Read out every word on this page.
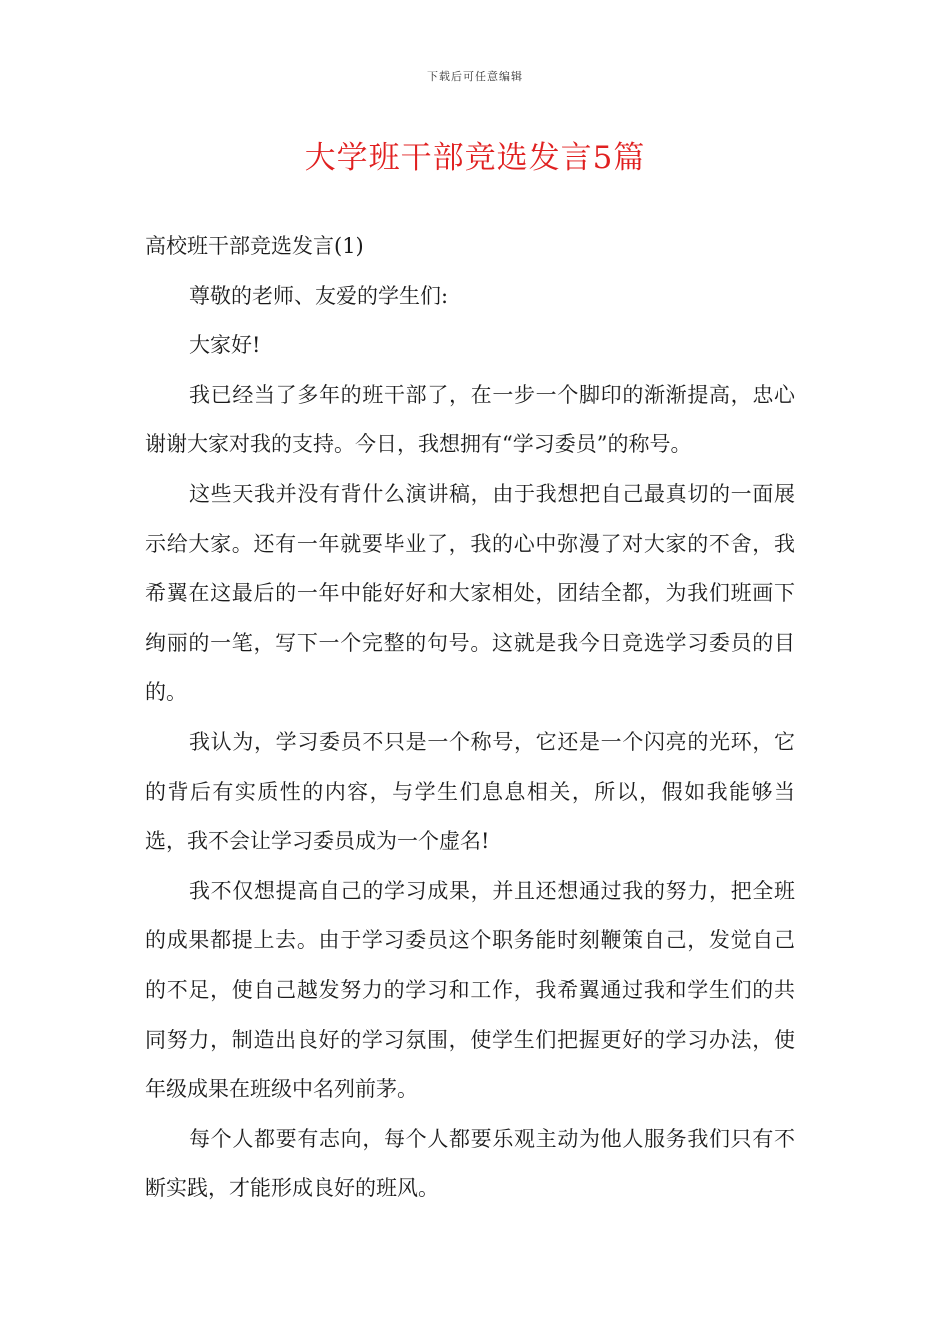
下载后可任意编辑
大学班干部竞选发言5篇

高校班干部竞选发言(1)

尊敬的老师、友爱的学生们:

大家好!

我已经当了多年的班干部了，在一步一个脚印的渐渐提高，忠心谢谢大家对我的支持。今日，我想拥有“学习委员”的称号。

这些天我并没有背什么演讲稿，由于我想把自己最真切的一面展示给大家。还有一年就要毕业了，我的心中弥漫了对大家的不舍，我希翼在这最后的一年中能好好和大家相处，团结全都，为我们班画下绚丽的一笔，写下一个完整的句号。这就是我今日竞选学习委员的目的。

我认为，学习委员不只是一个称号，它还是一个闪亮的光环，它的背后有实质性的内容，与学生们息息相关，所以，假如我能够当选，我不会让学习委员成为一个虚名!

我不仅想提高自己的学习成果，并且还想通过我的努力，把全班的成果都提上去。由于学习委员这个职务能时刻鞭策自己，发觉自己的不足，使自己越发努力的学习和工作，我希翼通过我和学生们的共同努力，制造出良好的学习氛围，使学生们把握更好的学习办法，使年级成果在班级中名列前茅。

每个人都要有志向，每个人都要乐观主动为他人服务我们只有不断实践，才能形成良好的班风。
